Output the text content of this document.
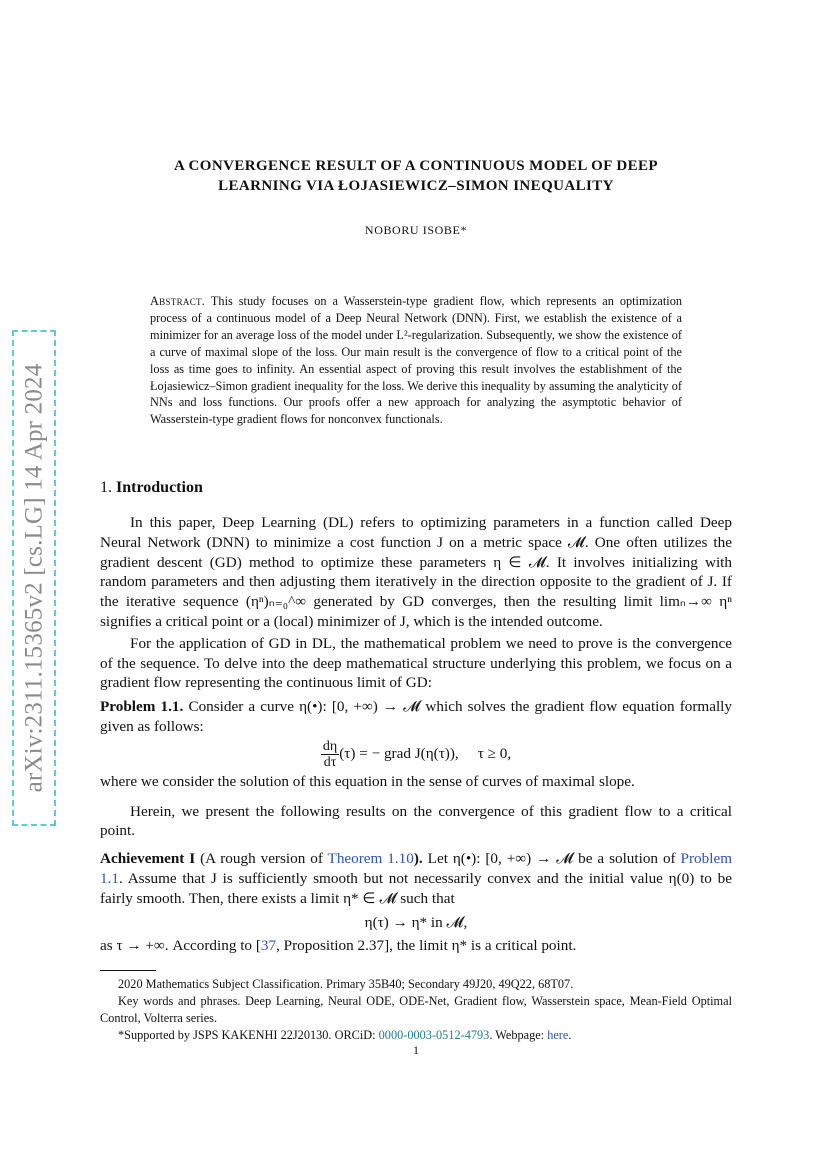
arXiv:2311.15365v2 [cs.LG] 14 Apr 2024
A CONVERGENCE RESULT OF A CONTINUOUS MODEL OF DEEP
LEARNING VIA ŁOJASIEWICZ–SIMON INEQUALITY
NOBORU ISOBE*
Abstract. This study focuses on a Wasserstein-type gradient flow, which represents an optimization process of a continuous model of a Deep Neural Network (DNN). First, we establish the existence of a minimizer for an average loss of the model under L²-regularization. Subsequently, we show the existence of a curve of maximal slope of the loss. Our main result is the convergence of flow to a critical point of the loss as time goes to infinity. An essential aspect of proving this result involves the establishment of the Łojasiewicz–Simon gradient inequality for the loss. We derive this inequality by assuming the analyticity of NNs and loss functions. Our proofs offer a new approach for analyzing the asymptotic behavior of Wasserstein-type gradient flows for nonconvex functionals.
1. Introduction

In this paper, Deep Learning (DL) refers to optimizing parameters in a function called Deep Neural Network (DNN) to minimize a cost function J on a metric space 𝓜. One often utilizes the gradient descent (GD) method to optimize these parameters η ∈ 𝓜. It involves initializing with random parameters and then adjusting them iteratively in the direction opposite to the gradient of J. If the iterative sequence (ηⁿ)ₙ₌₀^∞ generated by GD converges, then the resulting limit limₙ→∞ ηⁿ signifies a critical point or a (local) minimizer of J, which is the intended outcome.

For the application of GD in DL, the mathematical problem we need to prove is the convergence of the sequence. To delve into the deep mathematical structure underlying this problem, we focus on a gradient flow representing the continuous limit of GD:

Problem 1.1. Consider a curve η(•): [0, +∞) → 𝓜 which solves the gradient flow equation formally given as follows:

$\frac{d\eta}{d\tau} (\tau)$ = − grad J(η(τ)),     τ ≥ 0,

where we consider the solution of this equation in the sense of curves of maximal slope.

Herein, we present the following results on the convergence of this gradient flow to a critical point.

Achievement I (A rough version of Theorem 1.10). Let η(•): [0, +∞) → 𝓜 be a solution of Problem 1.1. Assume that J is sufficiently smooth but not necessarily convex and the initial value η(0) to be fairly smooth. Then, there exists a limit η* ∈ 𝓜 such that

η(τ) → η* in 𝓜,

as τ → +∞. According to [37, Proposition 2.37], the limit η* is a critical point.

2020 Mathematics Subject Classification. Primary 35B40; Secondary 49J20, 49Q22, 68T07.

Key words and phrases. Deep Learning, Neural ODE, ODE-Net, Gradient flow, Wasserstein space, Mean-Field Optimal Control, Volterra series.

*Supported by JSPS KAKENHI 22J20130. ORCiD: 0000-0003-0512-4793. Webpage: here.

1
